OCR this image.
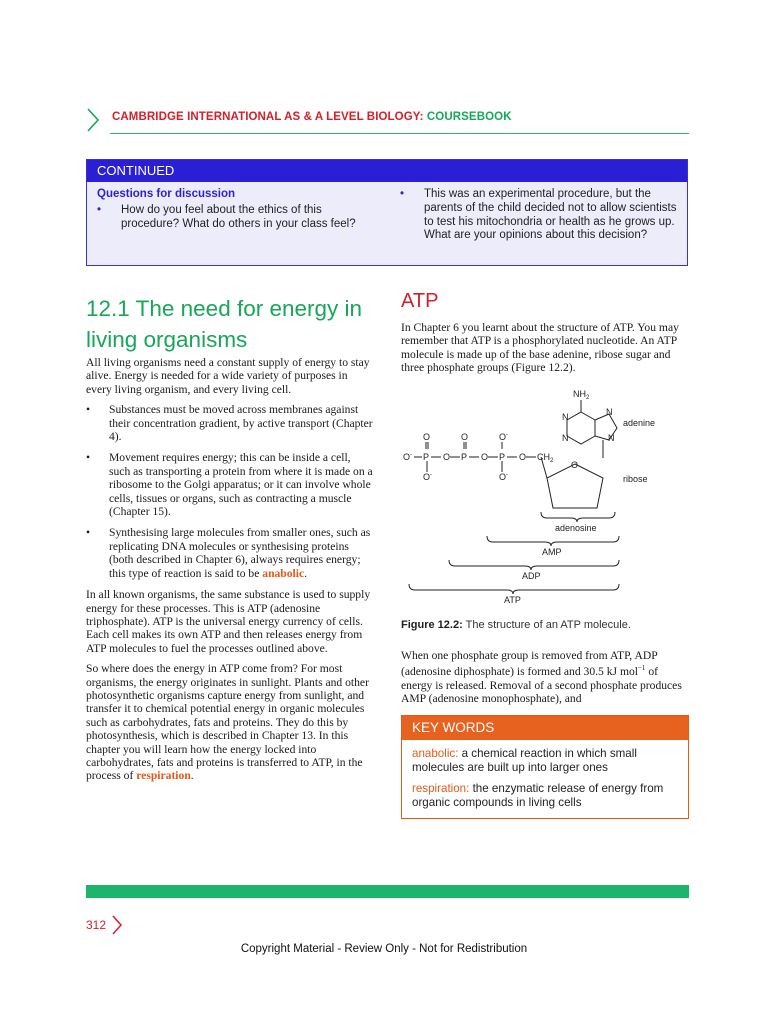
CAMBRIDGE INTERNATIONAL AS & A LEVEL BIOLOGY: COURSEBOOK
CONTINUED
Questions for discussion
• How do you feel about the ethics of this procedure? What do others in your class feel?
• This was an experimental procedure, but the parents of the child decided not to allow scientists to test his mitochondria or health as he grows up. What are your opinions about this decision?
12.1 The need for energy in living organisms

All living organisms need a constant supply of energy to stay alive. Energy is needed for a wide variety of purposes in every living organism, and every living cell.

• Substances must be moved across membranes against their concentration gradient, by active transport (Chapter 4).
• Movement requires energy; this can be inside a cell, such as transporting a protein from where it is made on a ribosome to the Golgi apparatus; or it can involve whole cells, tissues or organs, such as contracting a muscle (Chapter 15).
• Synthesising large molecules from smaller ones, such as replicating DNA molecules or synthesising proteins (both described in Chapter 6), always requires energy; this type of reaction is said to be anabolic.

In all known organisms, the same substance is used to supply energy for these processes. This is ATP (adenosine triphosphate). ATP is the universal energy currency of cells. Each cell makes its own ATP and then releases energy from ATP molecules to fuel the processes outlined above.

So where does the energy in ATP come from? For most organisms, the energy originates in sunlight. Plants and other photosynthetic organisms capture energy from sunlight, and transfer it to chemical potential energy in organic molecules such as carbohydrates, fats and proteins. They do this by photosynthesis, which is described in Chapter 13. In this chapter you will learn how the energy locked into carbohydrates, fats and proteins is transferred to ATP, in the process of respiration.

ATP

In Chapter 6 you learnt about the structure of ATP. You may remember that ATP is a phosphorylated nucleotide. An ATP molecule is made up of the base adenine, ribose sugar and three phosphate groups (Figure 12.2).

$NH_2$
N
N
N
N
adenine
O
ribose
O- P O P O P O $CH_2$
O	O	O-
O-	O-
adenosine
AMP
ADP
ATP
Figure 12.2: The structure of an ATP molecule.

When one phosphate group is removed from ATP, ADP (adenosine diphosphate) is formed and 30.5 kJ mol$^{-1}$ of energy is released. Removal of a second phosphate produces AMP (adenosine monophosphate), and

KEY WORDS
anabolic: a chemical reaction in which small molecules are built up into larger ones
respiration: the enzymatic release of energy from organic compounds in living cells
312
Copyright Material - Review Only - Not for Redistribution
